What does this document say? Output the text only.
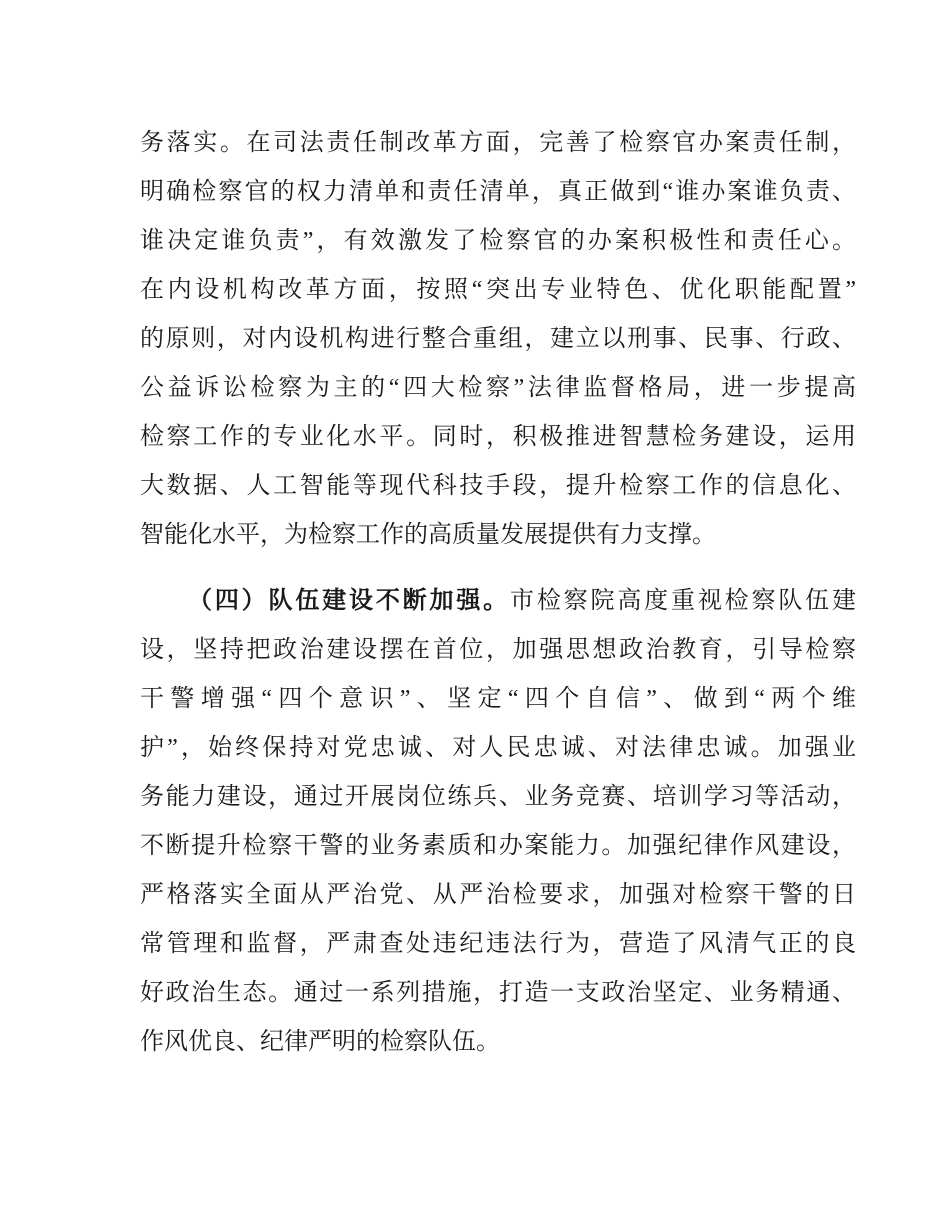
务落实。在司法责任制改革方面，完善了检察官办案责任制，
明确检察官的权力清单和责任清单，真正做到“谁办案谁负责、
谁决定谁负责”，有效激发了检察官的办案积极性和责任心。
在内设机构改革方面，按照“突出专业特色、优化职能配置”
的原则，对内设机构进行整合重组，建立以刑事、民事、行政、
公益诉讼检察为主的“四大检察”法律监督格局，进一步提高
检察工作的专业化水平。同时，积极推进智慧检务建设，运用
大数据、人工智能等现代科技手段，提升检察工作的信息化、
智能化水平，为检察工作的高质量发展提供有力支撑。
（四）队伍建设不断加强。市检察院高度重视检察队伍建
设，坚持把政治建设摆在首位，加强思想政治教育，引导检察
干警增强“四个意识”、坚定“四个自信”、做到“两个维
护”，始终保持对党忠诚、对人民忠诚、对法律忠诚。加强业
务能力建设，通过开展岗位练兵、业务竞赛、培训学习等活动，
不断提升检察干警的业务素质和办案能力。加强纪律作风建设，
严格落实全面从严治党、从严治检要求，加强对检察干警的日
常管理和监督，严肃查处违纪违法行为，营造了风清气正的良
好政治生态。通过一系列措施，打造一支政治坚定、业务精通、
作风优良、纪律严明的检察队伍。
